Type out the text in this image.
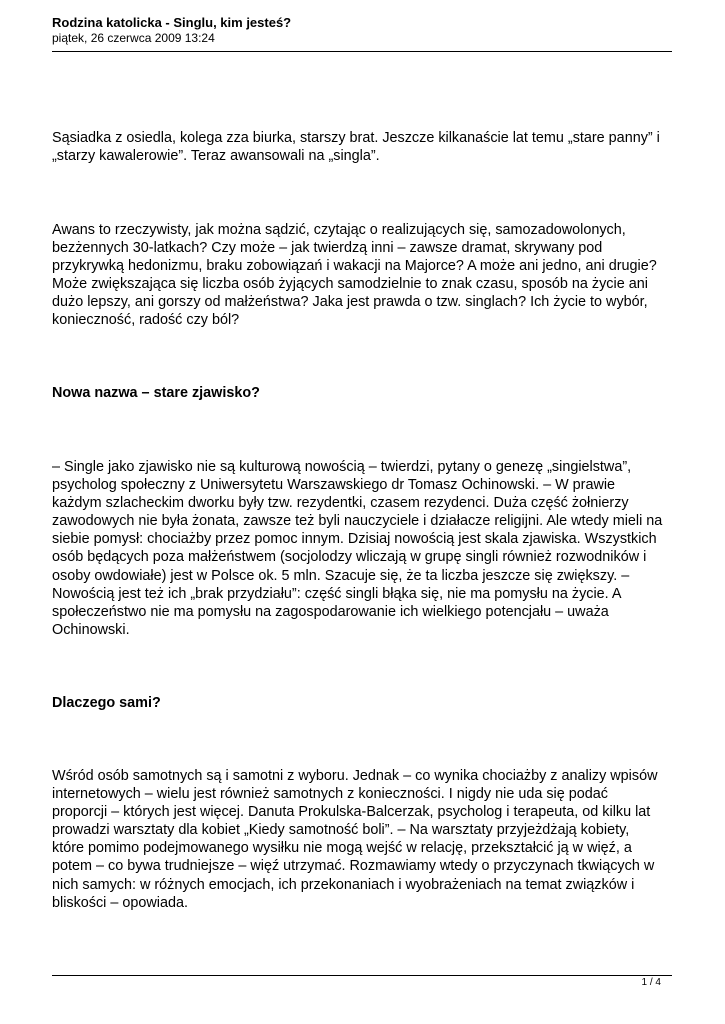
Rodzina katolicka - Singlu, kim jesteś?
piątek, 26 czerwca 2009 13:24
Sąsiadka z osiedla, kolega zza biurka, starszy brat. Jeszcze kilkanaście lat temu „stare panny” i
„starzy kawalerowie”. Teraz awansowali na „singla”.
Awans to rzeczywisty, jak można sądzić, czytając o realizujących się, samozadowolonych,
bezżennych 30-latkach? Czy może – jak twierdzą inni – zawsze dramat, skrywany pod
przykrywką hedonizmu, braku zobowiązań i wakacji na Majorce? A może ani jedno, ani drugie?
Może zwiększająca się liczba osób żyjących samodzielnie to znak czasu, sposób na życie ani
dużo lepszy, ani gorszy od małżeństwa? Jaka jest prawda o tzw. singlach? Ich życie to wybór,
konieczność, radość czy ból?
Nowa nazwa – stare zjawisko?
– Single jako zjawisko nie są kulturową nowością – twierdzi, pytany o genezę „singielstwa”,
psycholog społeczny z Uniwersytetu Warszawskiego dr Tomasz Ochinowski. – W prawie
każdym szlacheckim dworku były tzw. rezydentki, czasem rezydenci. Duża część żołnierzy
zawodowych nie była żonata, zawsze też byli nauczyciele i działacze religijni. Ale wtedy mieli na
siebie pomysł: chociażby przez pomoc innym. Dzisiaj nowością jest skala zjawiska. Wszystkich
osób będących poza małżeństwem (socjolodzy wliczają w grupę singli również rozwodników i
osoby owdowiałe) jest w Polsce ok. 5 mln. Szacuje się, że ta liczba jeszcze się zwiększy. –
Nowością jest też ich „brak przydziału”: część singli błąka się, nie ma pomysłu na życie. A
społeczeństwo nie ma pomysłu na zagospodarowanie ich wielkiego potencjału – uważa
Ochinowski.
Dlaczego sami?
Wśród osób samotnych są i samotni z wyboru. Jednak – co wynika chociażby z analizy wpisów
internetowych – wielu jest również samotnych z konieczności. I nigdy nie uda się podać
proporcji – których jest więcej. Danuta Prokulska-Balcerzak, psycholog i terapeuta, od kilku lat
prowadzi warsztaty dla kobiet „Kiedy samotność boli”. – Na warsztaty przyjeżdżają kobiety,
które pomimo podejmowanego wysiłku nie mogą wejść w relację, przekształcić ją w więź, a
potem – co bywa trudniejsze – więź utrzymać. Rozmawiamy wtedy o przyczynach tkwiących w
nich samych: w różnych emocjach, ich przekonaniach i wyobrażeniach na temat związków i
bliskości – opowiada.
1 / 4
